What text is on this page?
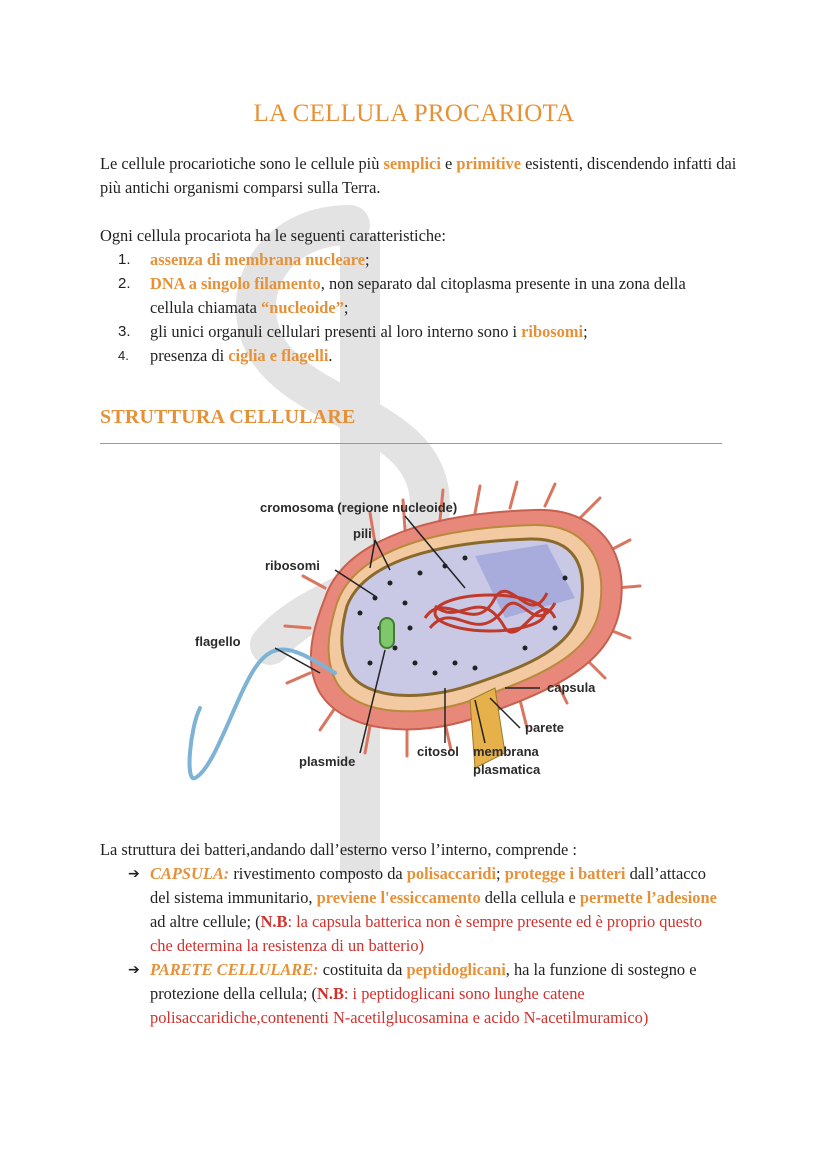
LA CELLULA PROCARIOTA
Le cellule procariotiche sono le cellule più semplici e primitive esistenti, discendendo infatti dai più antichi organismi comparsi sulla Terra.
Ogni cellula procariota ha le seguenti caratteristiche:
1. assenza di membrana nucleare;
2. DNA a singolo filamento, non separato dal citoplasma presente in una zona della cellula chiamata “nucleoide”;
3. gli unici organuli cellulari presenti al loro interno sono i ribosomi;
4. presenza di ciglia e flagelli.
STRUTTURA CELLULARE
cromosoma (regione nucleoide)
pili
ribosomi
flagello
capsula
parete
citosol membrana
plasmatica
plasmide
La struttura dei batteri,andando dall’esterno verso l’interno, comprende :
➔ CAPSULA: rivestimento composto da polisaccaridi; protegge i batteri dall’attacco del sistema immunitario, previene l'essiccamento della cellula e permette l’adesione ad altre cellule; (N.B: la capsula batterica non è sempre presente ed è proprio questo che determina la resistenza di un batterio)
➔ PARETE CELLULARE: costituita da peptidoglicani, ha la funzione di sostegno e protezione della cellula; (N.B: i peptidoglicani sono lunghe catene polisaccaridiche,contenenti N-acetilglucosamina e acido N-acetilmuramico)
